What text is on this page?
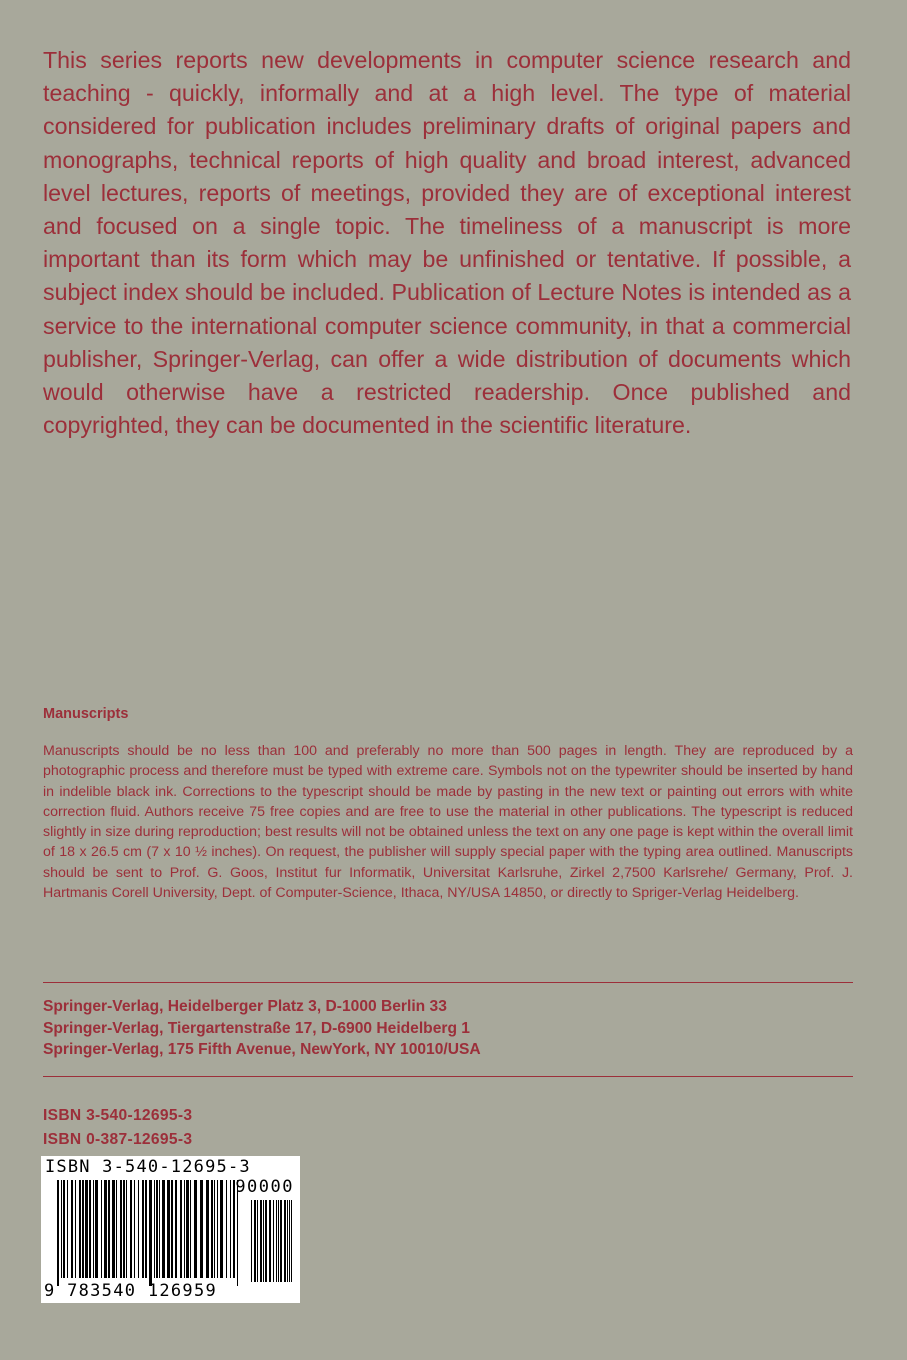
This series reports new developments in computer science research and teaching - quickly, informally and at a high level. The type of material considered for publication includes preliminary drafts of original papers and monographs, technical reports of high quality and broad interest, advanced level lectures, reports of meetings, provided they are of exceptional interest and focused on a single topic. The timeliness of a manuscript is more important than its form which may be unfinished or tentative. If possible, a subject index should be included. Publication of Lecture Notes is intended as a service to the international computer science community, in that a commercial publisher, Springer-Verlag, can offer a wide distribution of documents which would otherwise have a restricted readership. Once published and copyrighted, they can be documented in the scientific literature.
Manuscripts
Manuscripts should be no less than 100 and preferably no more than 500 pages in length. They are reproduced by a photographic process and therefore must be typed with extreme care. Symbols not on the typewriter should be inserted by hand in indelible black ink. Corrections to the typescript should be made by pasting in the new text or painting out errors with white correction fluid. Authors receive 75 free copies and are free to use the material in other publications. The typescript is reduced slightly in size during reproduction; best results will not be obtained unless the text on any one page is kept within the overall limit of 18 x 26.5 cm (7 x 10 ½ inches). On request, the publisher will supply special paper with the typing area outlined. Manuscripts should be sent to Prof. G. Goos, Institut fur Informatik, Universitat Karlsruhe, Zirkel 2,7500 Karlsrehe/ Germany, Prof. J. Hartmanis Corell University, Dept. of Computer-Science, Ithaca, NY/USA 14850, or directly to Spriger-Verlag Heidelberg.
Springer-Verlag, Heidelberger Platz 3, D-1000 Berlin 33
Springer-Verlag, Tiergartenstraße 17, D-6900 Heidelberg 1
Springer-Verlag, 175 Fifth Avenue, NewYork, NY 10010/USA
ISBN 3-540-12695-3
ISBN 0-387-12695-3
ISBN 3-540-12695-3
90000
9 783540 126959
